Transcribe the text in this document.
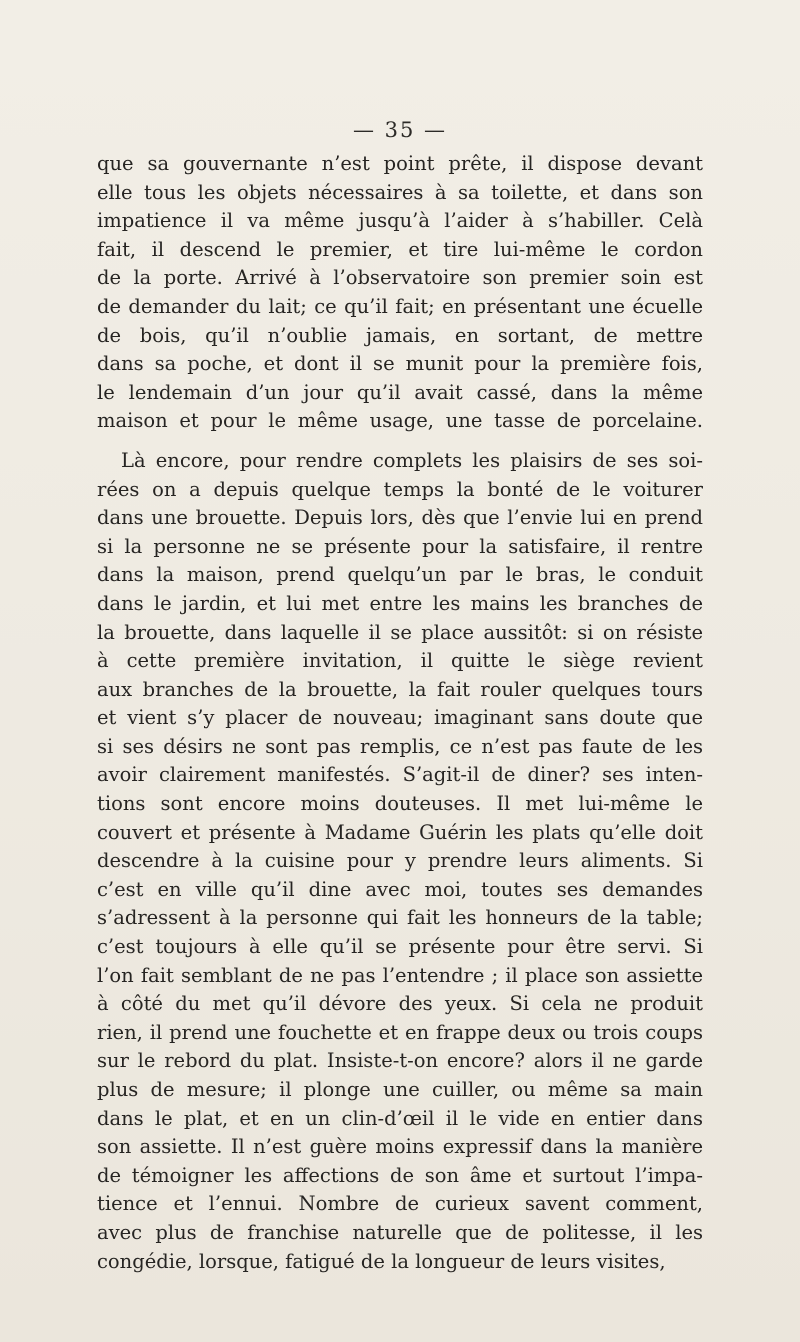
— 35 —
que sa gouvernante n’est point prête, il dispose devant
elle tous les objets nécessaires à sa toilette, et dans son
impatience il va même jusqu’à l’aider à s’habiller. Celà
fait, il descend le premier, et tire lui-même le cordon
de la porte. Arrivé à l’observatoire son premier soin est
de demander du lait; ce qu’il fait; en présentant une écuelle
de bois, qu’il n’oublie jamais, en sortant, de mettre
dans sa poche, et dont il se munit pour la première fois,
le lendemain d’un jour qu’il avait cassé, dans la même
maison et pour le même usage, une tasse de porcelaine.
Là encore, pour rendre complets les plaisirs de ses soi-
rées on a depuis quelque temps la bonté de le voiturer
dans une brouette. Depuis lors, dès que l’envie lui en prend
si la personne ne se présente pour la satisfaire, il rentre
dans la maison, prend quelqu’un par le bras, le conduit
dans le jardin, et lui met entre les mains les branches de
la brouette, dans laquelle il se place aussitôt: si on résiste
à cette première invitation, il quitte le siège revient
aux branches de la brouette, la fait rouler quelques tours
et vient s’y placer de nouveau; imaginant sans doute que
si ses désirs ne sont pas remplis, ce n’est pas faute de les
avoir clairement manifestés. S’agit-il de diner? ses inten-
tions sont encore moins douteuses. Il met lui-même le
couvert et présente à Madame Guérin les plats qu’elle doit
descendre à la cuisine pour y prendre leurs aliments. Si
c’est en ville qu’il dine avec moi, toutes ses demandes
s’adressent à la personne qui fait les honneurs de la table;
c’est toujours à elle qu’il se présente pour être servi. Si
l’on fait semblant de ne pas l’entendre ; il place son assiette
à côté du met qu’il dévore des yeux. Si cela ne produit
rien, il prend une fouchette et en frappe deux ou trois coups
sur le rebord du plat. Insiste-t-on encore? alors il ne garde
plus de mesure; il plonge une cuiller, ou même sa main
dans le plat, et en un clin-d’œil il le vide en entier dans
son assiette. Il n’est guère moins expressif dans la manière
de témoigner les affections de son âme et surtout l’impa-
tience et l’ennui. Nombre de curieux savent comment,
avec plus de franchise naturelle que de politesse, il les
congédie, lorsque, fatigué de la longueur de leurs visites,
